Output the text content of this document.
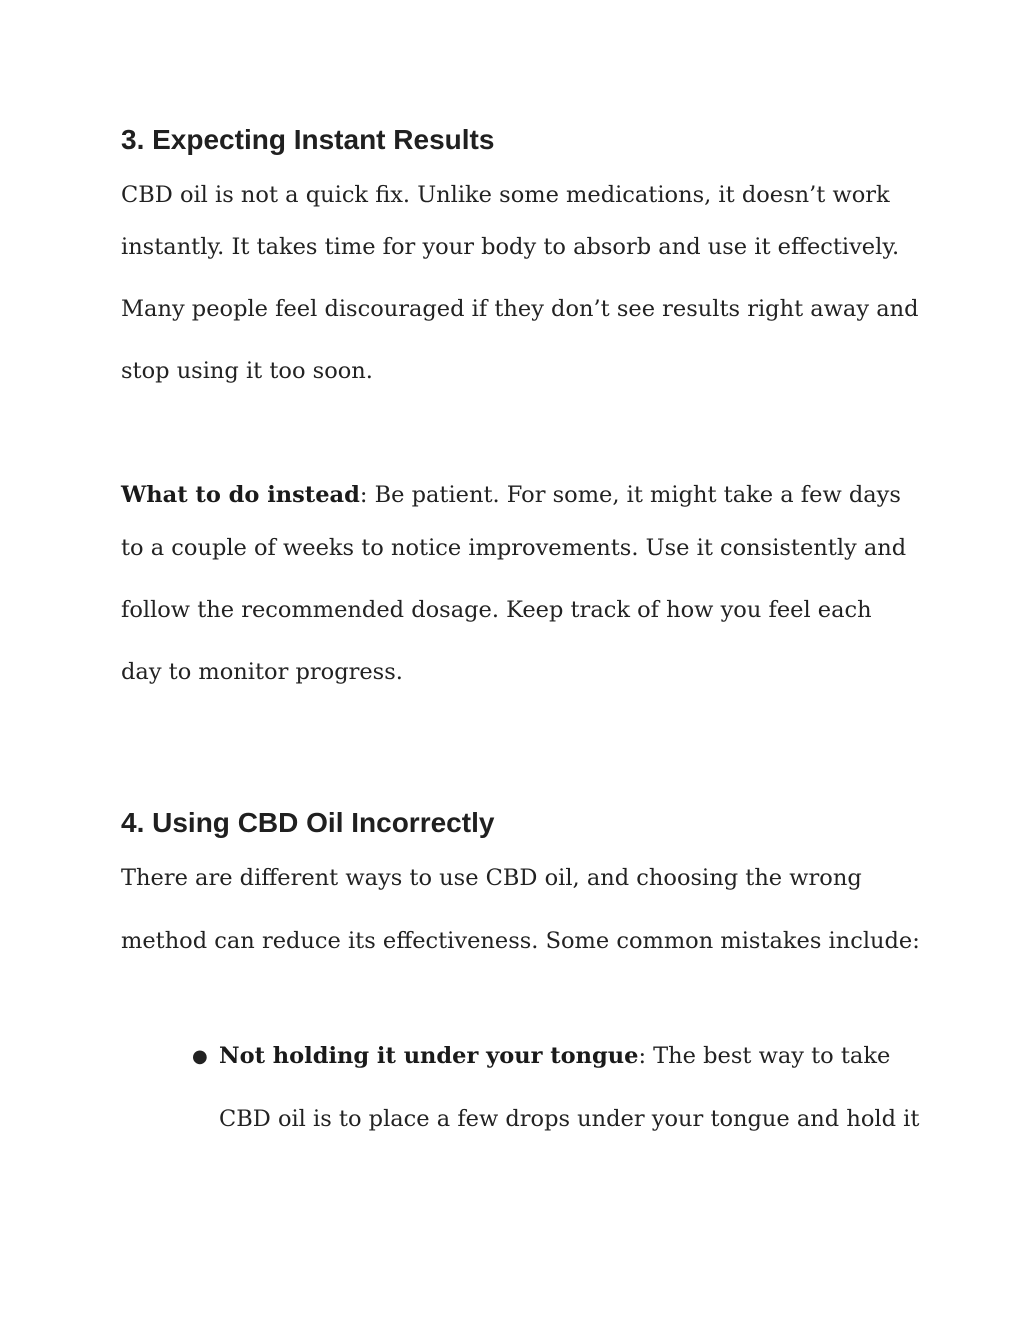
3. Expecting Instant Results
CBD oil is not a quick fix. Unlike some medications, it doesn’t work
instantly. It takes time for your body to absorb and use it effectively.
Many people feel discouraged if they don’t see results right away and
stop using it too soon.
What to do instead: Be patient. For some, it might take a few days
to a couple of weeks to notice improvements. Use it consistently and
follow the recommended dosage. Keep track of how you feel each
day to monitor progress.
4. Using CBD Oil Incorrectly
There are different ways to use CBD oil, and choosing the wrong
method can reduce its effectiveness. Some common mistakes include:
● Not holding it under your tongue: The best way to take
CBD oil is to place a few drops under your tongue and hold it
